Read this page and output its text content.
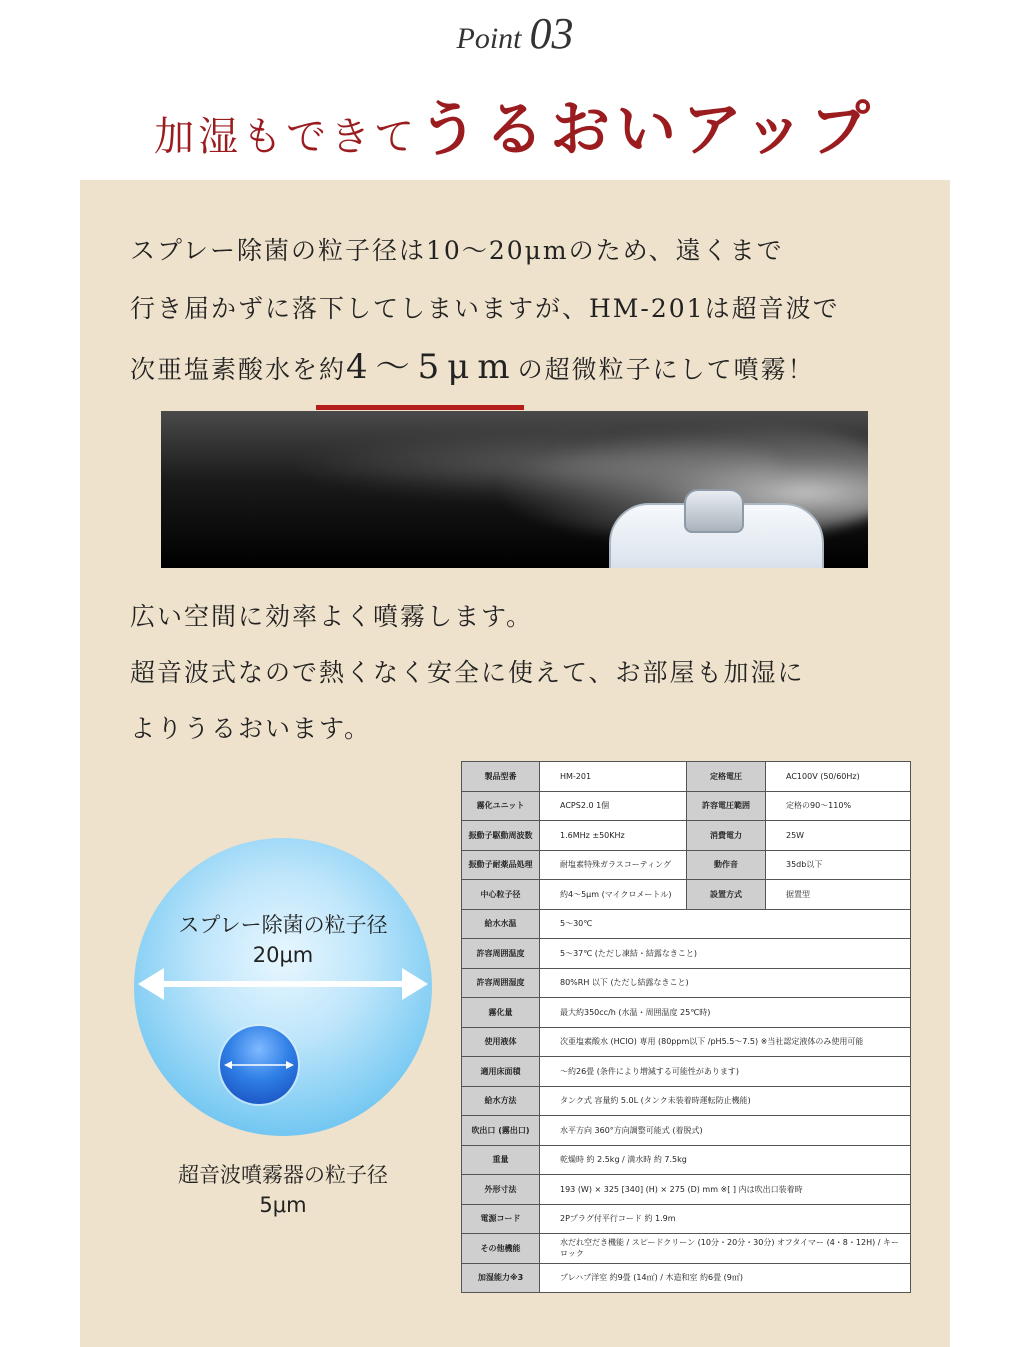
Point 03
加湿もできてうるおいアップ
スプレー除菌の粒子径は10～20μmのため、遠くまで
行き届かずに落下してしまいますが、HM-201は超音波で
次亜塩素酸水を約4～5μmの超微粒子にして噴霧！
広い空間に効率よく噴霧します。
超音波式なので熱くなく安全に使えて、お部屋も加湿に
よりうるおいます。
スプレー除菌の粒子径
20μm
超音波噴霧器の粒子径
5μm
製品型番	HM-201	定格電圧	AC100V (50/60Hz)
霧化ユニット	ACPS2.0 1個	許容電圧範囲	定格の90～110%
振動子駆動周波数	1.6MHz ±50KHz	消費電力	25W
振動子耐薬品処理	耐塩素特殊ガラスコーティング	動作音	35db以下
中心粒子径	約4～5μm (マイクロメートル)	設置方式	据置型
給水水温	5～30℃		
許容周囲温度	5～37℃ (ただし凍結・結露なきこと)		
許容周囲湿度	80%RH 以下 (ただし結露なきこと)		
霧化量	最大約350cc/h (水温・周囲温度 25℃時)		
使用液体	次亜塩素酸水 (HClO) 専用 (80ppm以下 /pH5.5～7.5) ※当社認定液体のみ使用可能		
適用床面積	～約26畳 (条件により増減する可能性があります)		
給水方法	タンク式 容量約 5.0L (タンク未装着時運転防止機能)		
吹出口 (霧出口)	水平方向 360°方向調整可能式 (着脱式)		
重量	乾燥時 約 2.5kg / 満水時 約 7.5kg		
外形寸法	193 (W) × 325 [340] (H) × 275 (D) mm ※[ ] 内は吹出口装着時		
電源コード	2Pプラグ付平行コード 約 1.9m		
その他機能	水だれ空だき機能 / スピードクリーン (10分・20分・30分) オフタイマー (4・8・12H) / キーロック		
加湿能力※3	プレハブ洋室 約9畳 (14㎡) / 木造和室 約6畳 (9㎡)		
